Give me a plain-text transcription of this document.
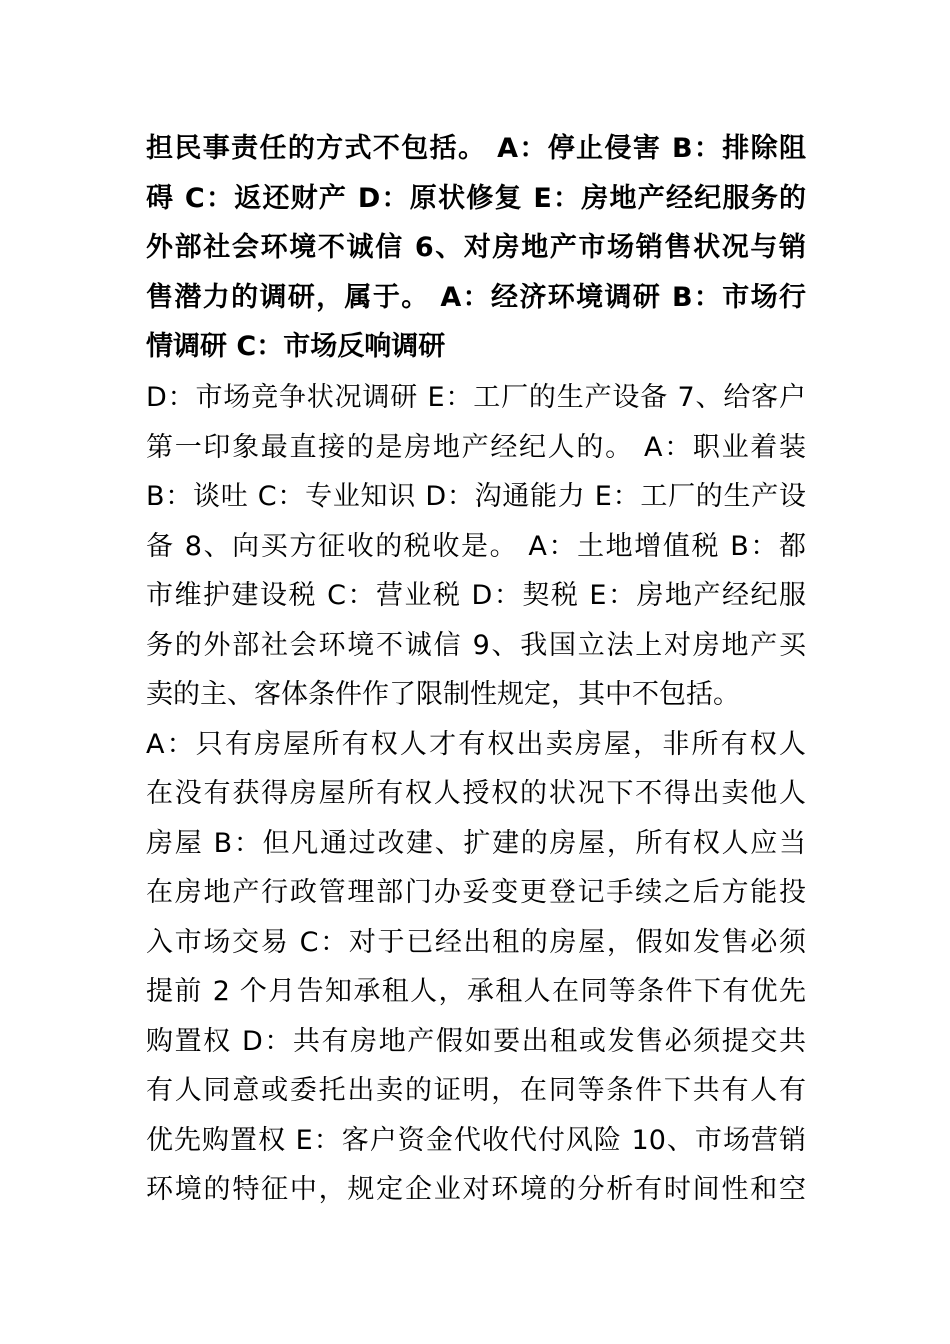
担民事责任的方式不包括。 A：停止侵害 B：排除阻
碍 C：返还财产 D：原状修复 E：房地产经纪服务的
外部社会环境不诚信 6、对房地产市场销售状况与销
售潜力的调研，属于。 A：经济环境调研 B：市场行
情调研 C：市场反响调研
D：市场竞争状况调研 E：工厂的生产设备 7、给客户
第一印象最直接的是房地产经纪人的。 A：职业着装
B：谈吐 C：专业知识 D：沟通能力 E：工厂的生产设
备 8、向买方征收的税收是。 A：土地增值税 B：都
市维护建设税 C：营业税 D：契税 E：房地产经纪服
务的外部社会环境不诚信 9、我国立法上对房地产买
卖的主、客体条件作了限制性规定，其中不包括。
A：只有房屋所有权人才有权出卖房屋，非所有权人
在没有获得房屋所有权人授权的状况下不得出卖他人
房屋 B：但凡通过改建、扩建的房屋，所有权人应当
在房地产行政管理部门办妥变更登记手续之后方能投
入市场交易 C：对于已经出租的房屋，假如发售必须
提前 2 个月告知承租人，承租人在同等条件下有优先
购置权 D：共有房地产假如要出租或发售必须提交共
有人同意或委托出卖的证明，在同等条件下共有人有
优先购置权 E：客户资金代收代付风险 10、市场营销
环境的特征中，规定企业对环境的分析有时间性和空
